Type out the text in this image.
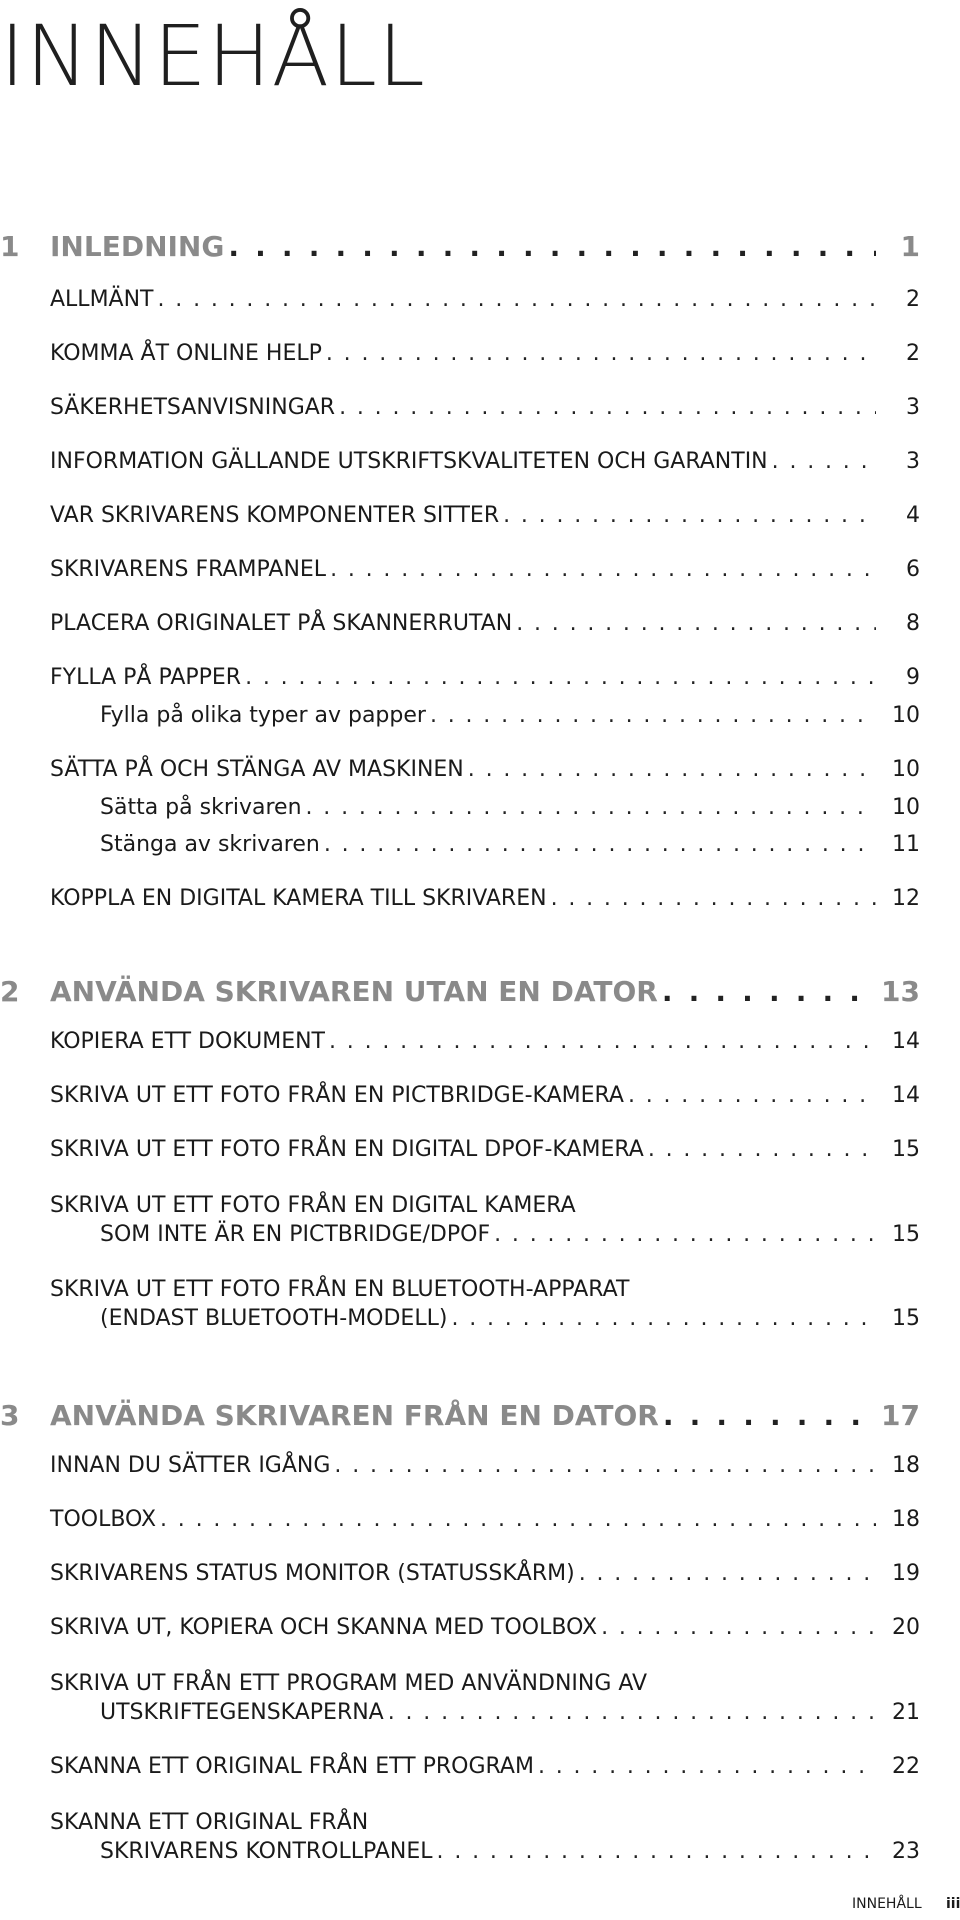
INNEHÅLL
1	INLEDNING . . .	1
ALLMÄNT . . .	2
KOMMA ÅT ONLINE HELP . . .	2
SÄKERHETSANVISNINGAR . . .	3
INFORMATION GÄLLANDE UTSKRIFTSKVALITETEN OCH GARANTIN . . .	3
VAR SKRIVARENS KOMPONENTER SITTER . . .	4
SKRIVARENS FRAMPANEL . . .	6
PLACERA ORIGINALET PÅ SKANNERRUTAN . . .	8
FYLLA PÅ PAPPER . . .	9
Fylla på olika typer av papper . . .	10
SÄTTA PÅ OCH STÄNGA AV MASKINEN . . .	10
Sätta på skrivaren . . .	10
Stänga av skrivaren . . .	11
KOPPLA EN DIGITAL KAMERA TILL SKRIVAREN . . .	12
2	ANVÄNDA SKRIVAREN UTAN EN DATOR . . .	13
KOPIERA ETT DOKUMENT . . .	14
SKRIVA UT ETT FOTO FRÅN EN PICTBRIDGE-KAMERA . . .	14
SKRIVA UT ETT FOTO FRÅN EN DIGITAL DPOF-KAMERA . . .	15
SKRIVA UT ETT FOTO FRÅN EN DIGITAL KAMERA
SOM INTE ÄR EN PICTBRIDGE/DPOF . . .	15
SKRIVA UT ETT FOTO FRÅN EN BLUETOOTH-APPARAT
(ENDAST BLUETOOTH-MODELL) . . .	15
3	ANVÄNDA SKRIVAREN FRÅN EN DATOR . . .	17
INNAN DU SÄTTER IGÅNG . . .	18
TOOLBOX . . .	18
SKRIVARENS STATUS MONITOR (STATUSSKÅRM) . . .	19
SKRIVA UT, KOPIERA OCH SKANNA MED TOOLBOX . . .	20
SKRIVA UT FRÅN ETT PROGRAM MED ANVÄNDNING AV
UTSKRIFTEGENSKAPERNA . . .	21
SKANNA ETT ORIGINAL FRÅN ETT PROGRAM . . .	22
SKANNA ETT ORIGINAL FRÅN
SKRIVARENS KONTROLLPANEL . . .	23
INNEHÅLL iii
